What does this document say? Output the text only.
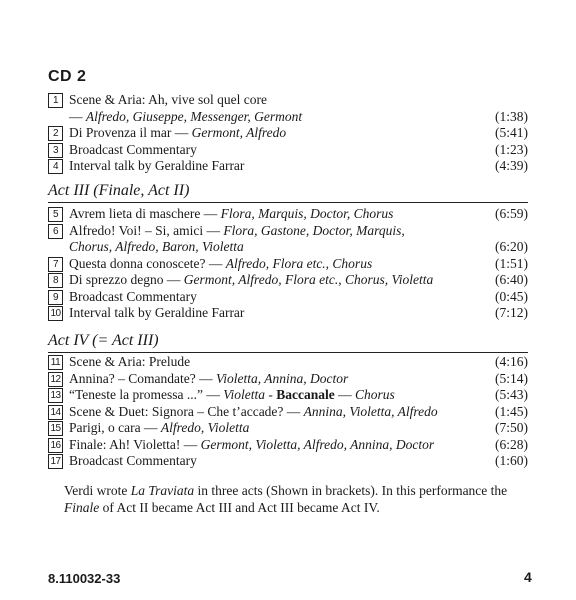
CD 2
1 Scene & Aria: Ah, vive sol quel core
— Alfredo, Giuseppe, Messenger, Germont	(1:38)
2 Di Provenza il mar — Germont, Alfredo	(5:41)
3 Broadcast Commentary	(1:23)
4 Interval talk by Geraldine Farrar	(4:39)
Act III (Finale, Act II)
5 Avrem lieta di maschere — Flora, Marquis, Doctor, Chorus	(6:59)
6 Alfredo! Voi! – Si, amici — Flora, Gastone, Doctor, Marquis,
Chorus, Alfredo, Baron, Violetta	(6:20)
7 Questa donna conoscete? — Alfredo, Flora etc., Chorus	(1:51)
8 Di sprezzo degno — Germont, Alfredo, Flora etc., Chorus, Violetta	(6:40)
9 Broadcast Commentary	(0:45)
10 Interval talk by Geraldine Farrar	(7:12)
Act IV (= Act III)
11 Scene & Aria: Prelude	(4:16)
12 Annina? – Comandate? — Violetta, Annina, Doctor	(5:14)
13 “Teneste la promessa ...” — Violetta - Baccanale — Chorus	(5:43)
14 Scene & Duet: Signora – Che t’accade? — Annina, Violetta, Alfredo	(1:45)
15 Parigi, o cara — Alfredo, Violetta	(7:50)
16 Finale: Ah! Violetta! — Germont, Violetta, Alfredo, Annina, Doctor	(6:28)
17 Broadcast Commentary	(1:60)
Verdi wrote La Traviata in three acts (Shown in brackets). In this performance the Finale of Act II became Act III and Act III became Act IV.
8.110032-33	4
